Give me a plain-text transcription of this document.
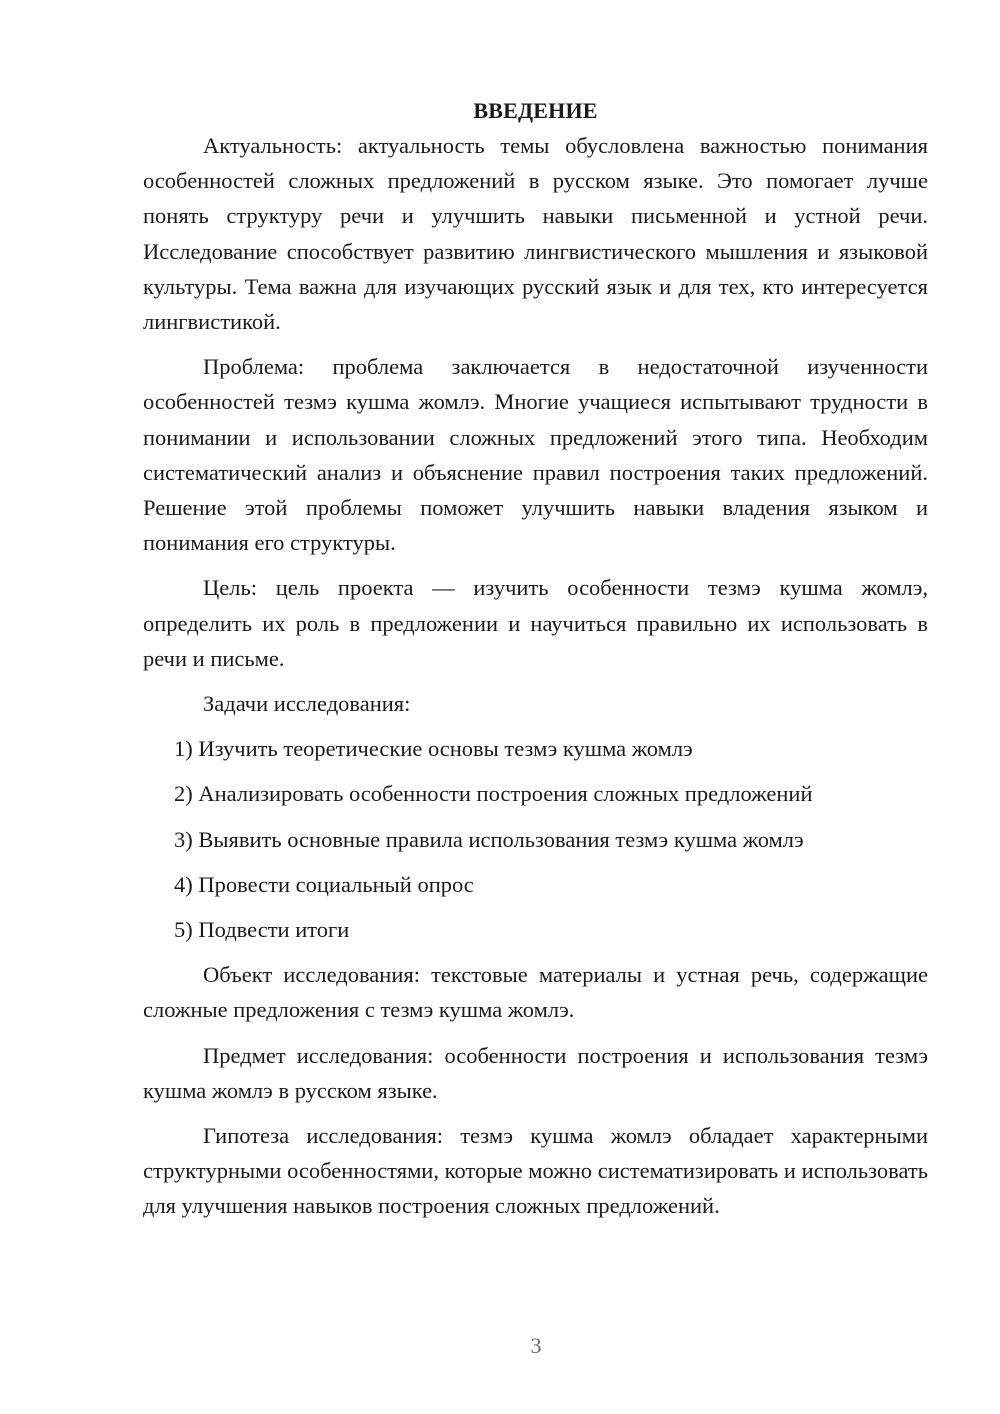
ВВЕДЕНИЕ

Актуальность: актуальность темы обусловлена важностью понимания особенностей сложных предложений в русском языке. Это помогает лучше понять структуру речи и улучшить навыки письменной и устной речи. Исследование способствует развитию лингвистического мышления и языковой культуры. Тема важна для изучающих русский язык и для тех, кто интересуется лингвистикой.

Проблема: проблема заключается в недостаточной изученности особенностей тезмэ кушма жомлэ. Многие учащиеся испытывают трудности в понимании и использовании сложных предложений этого типа. Необходим систематический анализ и объяснение правил построения таких предложений. Решение этой проблемы поможет улучшить навыки владения языком и понимания его структуры.

Цель: цель проекта — изучить особенности тезмэ кушма жомлэ, определить их роль в предложении и научиться правильно их использовать в речи и письме.

Задачи исследования:

1) Изучить теоретические основы тезмэ кушма жомлэ
2) Анализировать особенности построения сложных предложений
3) Выявить основные правила использования тезмэ кушма жомлэ
4) Провести социальный опрос
5) Подвести итоги

Объект исследования: текстовые материалы и устная речь, содержащие сложные предложения с тезмэ кушма жомлэ.

Предмет исследования: особенности построения и использования тезмэ кушма жомлэ в русском языке.

Гипотеза исследования: тезмэ кушма жомлэ обладает характерными структурными особенностями, которые можно систематизировать и использовать для улучшения навыков построения сложных предложений.

3
